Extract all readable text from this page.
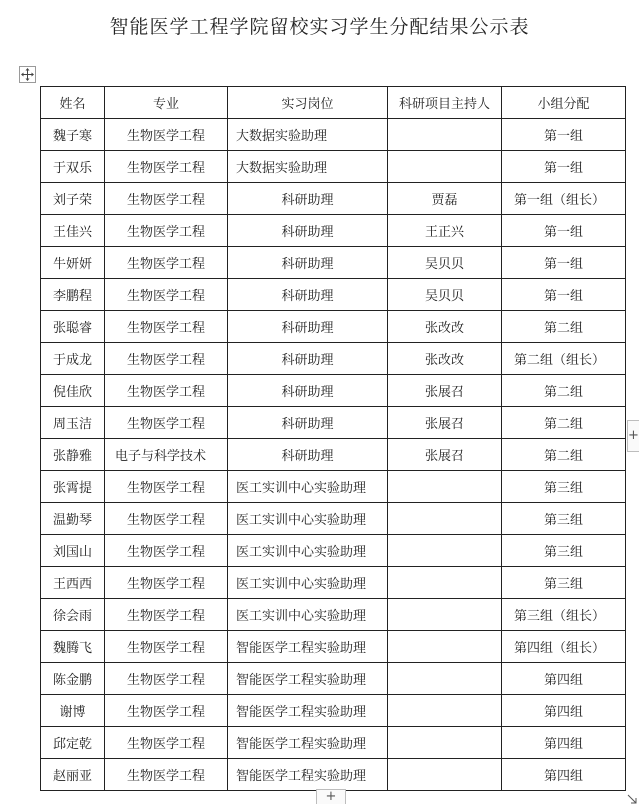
智能医学工程学院留校实习学生分配结果公示表
姓名	专业	实习岗位	科研项目主持人	小组分配
魏子寒	生物医学工程	大数据实验助理		第一组
于双乐	生物医学工程	大数据实验助理		第一组
刘子荣	生物医学工程	科研助理	贾磊	第一组（组长）
王佳兴	生物医学工程	科研助理	王正兴	第一组
牛妍妍	生物医学工程	科研助理	吴贝贝	第一组
李鹏程	生物医学工程	科研助理	吴贝贝	第一组
张聪睿	生物医学工程	科研助理	张改改	第二组
于成龙	生物医学工程	科研助理	张改改	第二组（组长）
倪佳欣	生物医学工程	科研助理	张展召	第二组
周玉洁	生物医学工程	科研助理	张展召	第二组
张静雅	电子与科学技术	科研助理	张展召	第二组
张霄提	生物医学工程	医工实训中心实验助理		第三组
温勤琴	生物医学工程	医工实训中心实验助理		第三组
刘国山	生物医学工程	医工实训中心实验助理		第三组
王西西	生物医学工程	医工实训中心实验助理		第三组
徐会雨	生物医学工程	医工实训中心实验助理		第三组（组长）
魏腾飞	生物医学工程	智能医学工程实验助理		第四组（组长）
陈金鹏	生物医学工程	智能医学工程实验助理		第四组
谢博	生物医学工程	智能医学工程实验助理		第四组
邱定乾	生物医学工程	智能医学工程实验助理		第四组
赵丽亚	生物医学工程	智能医学工程实验助理		第四组
+
+
